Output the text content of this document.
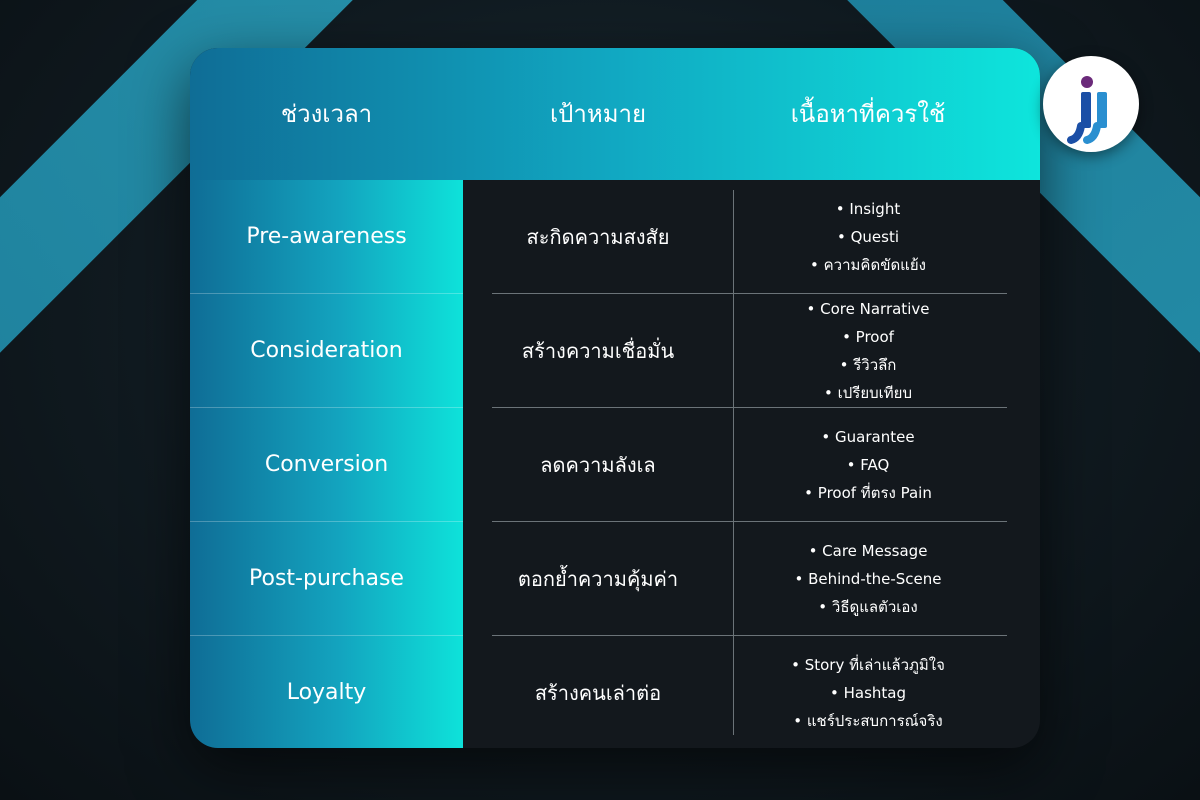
ช่วงเวลา	เป้าหมาย	เนื้อหาที่ควรใช้
Pre-awareness
Consideration
Conversion
Post-purchase
Loyalty
สะกิดความสงสัย
• Insight
• Questi
• ความคิดขัดแย้ง
สร้างความเชื่อมั่น
• Core Narrative
• Proof
• รีวิวลึก
• เปรียบเทียบ
ลดความลังเล
• Guarantee
• FAQ
• Proof ที่ตรง Pain
ตอกย้ำความคุ้มค่า
• Care Message
• Behind-the-Scene
• วิธีดูแลตัวเอง
สร้างคนเล่าต่อ
• Story ที่เล่าแล้วภูมิใจ
• Hashtag
• แชร์ประสบการณ์จริง
